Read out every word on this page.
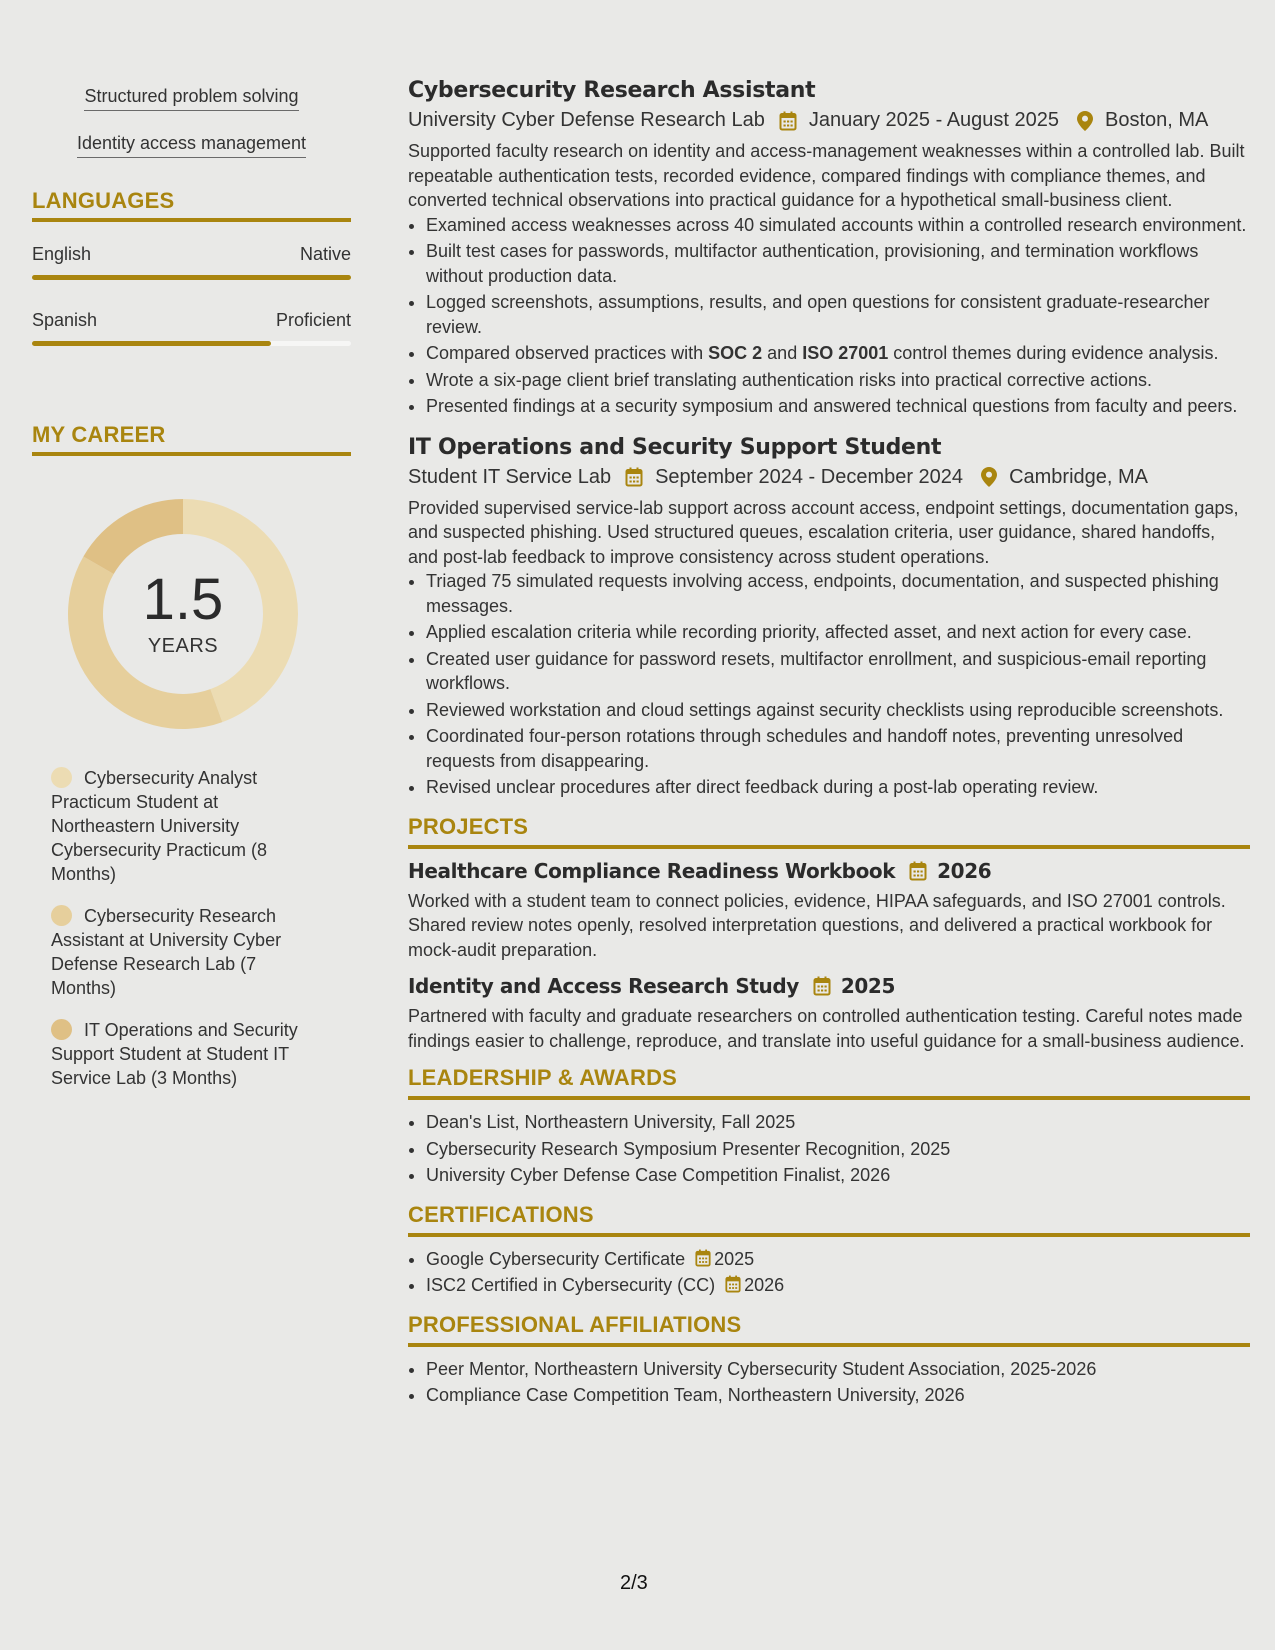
Structured problem solving
Identity access management
LANGUAGES
English	Native
Spanish	Proficient
MY CAREER
1.5
YEARS
Cybersecurity Analyst Practicum Student at Northeastern University Cybersecurity Practicum (8 Months)
Cybersecurity Research Assistant at University Cyber Defense Research Lab (7 Months)
IT Operations and Security Support Student at Student IT Service Lab (3 Months)
Cybersecurity Research Assistant
University Cyber Defense Research Lab January 2025 - August 2025 Boston, MA

Supported faculty research on identity and access-management weaknesses within a controlled lab. Built repeatable authentication tests, recorded evidence, compared findings with compliance themes, and converted technical observations into practical guidance for a hypothetical small-business client.

• Examined access weaknesses across 40 simulated accounts within a controlled research environment.
• Built test cases for passwords, multifactor authentication, provisioning, and termination workflows without production data.
• Logged screenshots, assumptions, results, and open questions for consistent graduate-researcher review.
• Compared observed practices with SOC 2 and ISO 27001 control themes during evidence analysis.
• Wrote a six-page client brief translating authentication risks into practical corrective actions.
• Presented findings at a security symposium and answered technical questions from faculty and peers.
IT Operations and Security Support Student
Student IT Service Lab September 2024 - December 2024 Cambridge, MA

Provided supervised service-lab support across account access, endpoint settings, documentation gaps, and suspected phishing. Used structured queues, escalation criteria, user guidance, shared handoffs, and post-lab feedback to improve consistency across student operations.

• Triaged 75 simulated requests involving access, endpoints, documentation, and suspected phishing messages.
• Applied escalation criteria while recording priority, affected asset, and next action for every case.
• Created user guidance for password resets, multifactor enrollment, and suspicious-email reporting workflows.
• Reviewed workstation and cloud settings against security checklists using reproducible screenshots.
• Coordinated four-person rotations through schedules and handoff notes, preventing unresolved requests from disappearing.
• Revised unclear procedures after direct feedback during a post-lab operating review.
PROJECTS
Healthcare Compliance Readiness Workbook 2026

Worked with a student team to connect policies, evidence, HIPAA safeguards, and ISO 27001 controls. Shared review notes openly, resolved interpretation questions, and delivered a practical workbook for mock-audit preparation.

Identity and Access Research Study 2025

Partnered with faculty and graduate researchers on controlled authentication testing. Careful notes made findings easier to challenge, reproduce, and translate into useful guidance for a small-business audience.

LEADERSHIP & AWARDS
• Dean's List, Northeastern University, Fall 2025
• Cybersecurity Research Symposium Presenter Recognition, 2025
• University Cyber Defense Case Competition Finalist, 2026
CERTIFICATIONS
• Google Cybersecurity Certificate 2025
• ISC2 Certified in Cybersecurity (CC) 2026
PROFESSIONAL AFFILIATIONS
• Peer Mentor, Northeastern University Cybersecurity Student Association, 2025-2026
• Compliance Case Competition Team, Northeastern University, 2026
2/3
